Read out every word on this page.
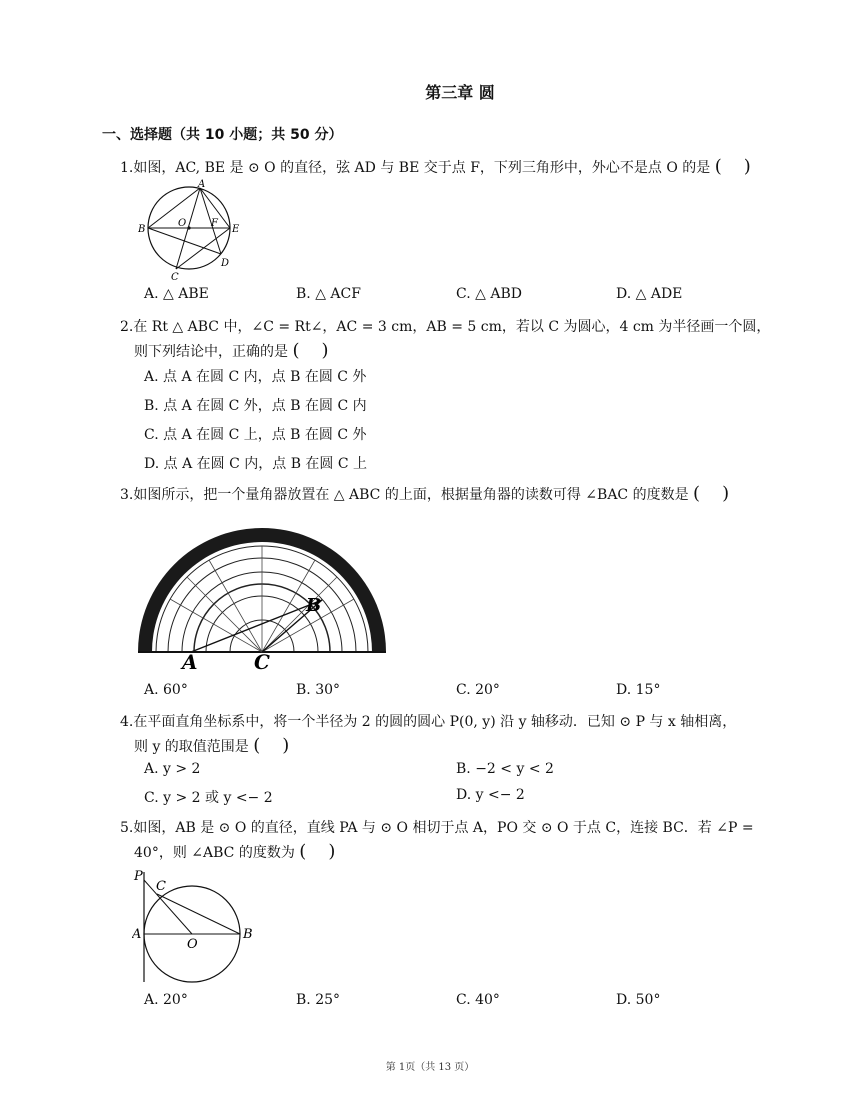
第三章 圆
一、选择题（共 10 小题；共 50 分）
1.如图，AC, BE 是 ⊙ O 的直径，弦 AD 与 BE 交于点 F，下列三角形中，外心不是点 O 的是 ( )
A
B
O F
E
C
D
A. △ ABE	B. △ ACF	C. △ ABD	D. △ ADE
2.在 Rt △ ABC 中，∠C = Rt∠，AC = 3 cm，AB = 5 cm，若以 C 为圆心，4 cm 为半径画一个圆，
则下列结论中，正确的是 ( )
A. 点 A 在圆 C 内，点 B 在圆 C 外
B. 点 A 在圆 C 外，点 B 在圆 C 内
C. 点 A 在圆 C 上，点 B 在圆 C 外
D. 点 A 在圆 C 内，点 B 在圆 C 上
3.如图所示，把一个量角器放置在 △ ABC 的上面，根据量角器的读数可得 ∠BAC 的度数是 ( )
A	C
B
A. 60°	B. 30°	C. 20°	D. 15°
4.在平面直角坐标系中，将一个半径为 2 的圆的圆心 P(0, y) 沿 y 轴移动．已知 ⊙ P 与 x 轴相离，
则 y 的取值范围是 ( )
A. y > 2	B. −2 < y < 2
C. y > 2 或 y <− 2	D. y <− 2
5.如图，AB 是 ⊙ O 的直径，直线 PA 与 ⊙ O 相切于点 A，PO 交 ⊙ O 于点 C，连接 BC．若 ∠P =
40°，则 ∠ABC 的度数为 ( )
P
C
A
O
B
A. 20°	B. 25°	C. 40°	D. 50°
第 1页（共 13 页）
